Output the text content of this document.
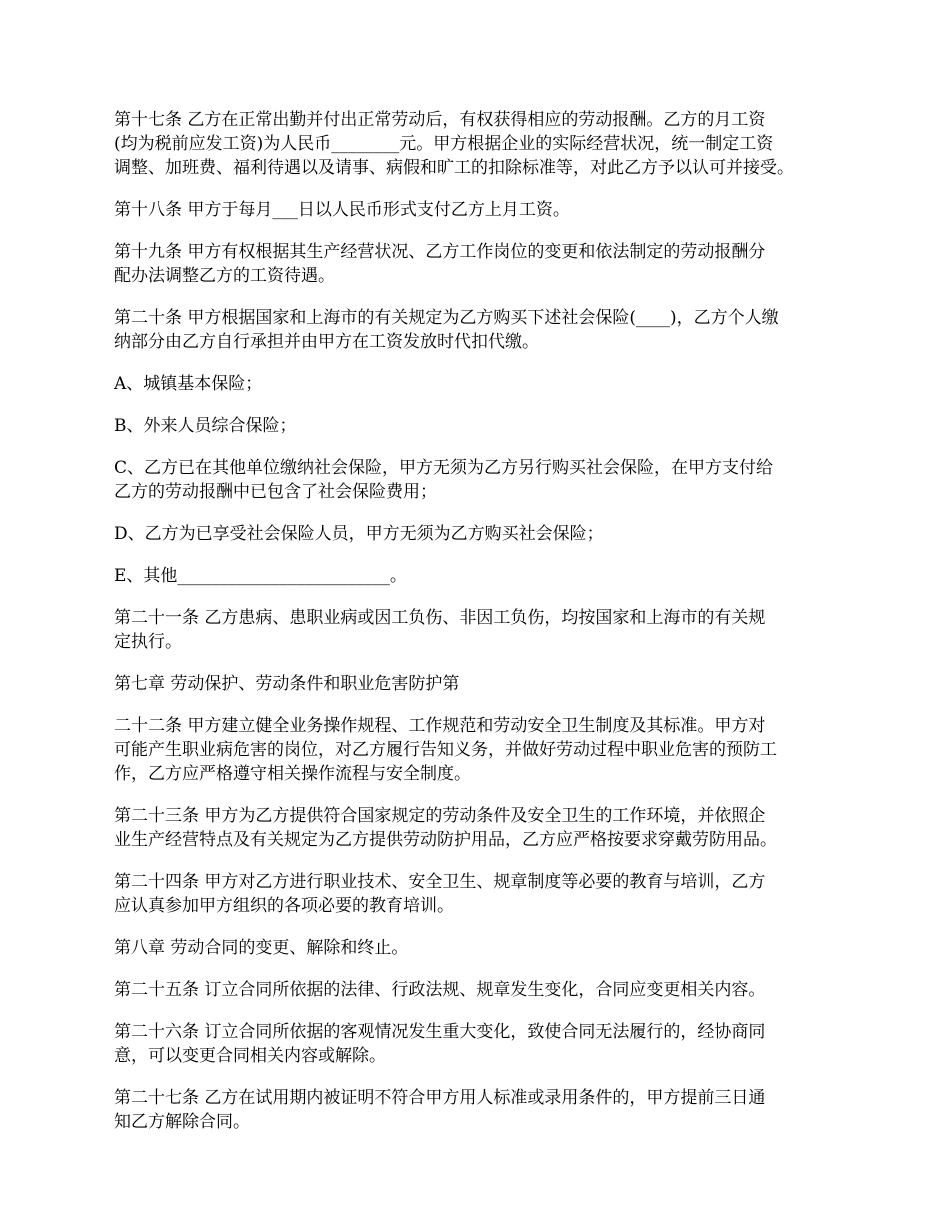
第十七条 乙方在正常出勤并付出正常劳动后，有权获得相应的劳动报酬。乙方的月工资
(均为税前应发工资)为人民币________元。甲方根据企业的实际经营状况，统一制定工资
调整、加班费、福利待遇以及请事、病假和旷工的扣除标准等，对此乙方予以认可并接受。

第十八条 甲方于每月___日以人民币形式支付乙方上月工资。

第十九条 甲方有权根据其生产经营状况、乙方工作岗位的变更和依法制定的劳动报酬分
配办法调整乙方的工资待遇。

第二十条 甲方根据国家和上海市的有关规定为乙方购买下述社会保险(____)，乙方个人缴
纳部分由乙方自行承担并由甲方在工资发放时代扣代缴。

A、城镇基本保险；

B、外来人员综合保险；

C、乙方已在其他单位缴纳社会保险，甲方无须为乙方另行购买社会保险，在甲方支付给
乙方的劳动报酬中已包含了社会保险费用；

D、乙方为已享受社会保险人员，甲方无须为乙方购买社会保险；

E、其他_________________________。

第二十一条 乙方患病、患职业病或因工负伤、非因工负伤，均按国家和上海市的有关规
定执行。

第七章 劳动保护、劳动条件和职业危害防护第

二十二条 甲方建立健全业务操作规程、工作规范和劳动安全卫生制度及其标准。甲方对
可能产生职业病危害的岗位，对乙方履行告知义务，并做好劳动过程中职业危害的预防工
作，乙方应严格遵守相关操作流程与安全制度。

第二十三条 甲方为乙方提供符合国家规定的劳动条件及安全卫生的工作环境，并依照企
业生产经营特点及有关规定为乙方提供劳动防护用品，乙方应严格按要求穿戴劳防用品。

第二十四条 甲方对乙方进行职业技术、安全卫生、规章制度等必要的教育与培训，乙方
应认真参加甲方组织的各项必要的教育培训。

第八章 劳动合同的变更、解除和终止。

第二十五条 订立合同所依据的法律、行政法规、规章发生变化，合同应变更相关内容。

第二十六条 订立合同所依据的客观情况发生重大变化，致使合同无法履行的，经协商同
意，可以变更合同相关内容或解除。

第二十七条 乙方在试用期内被证明不符合甲方用人标准或录用条件的，甲方提前三日通
知乙方解除合同。
